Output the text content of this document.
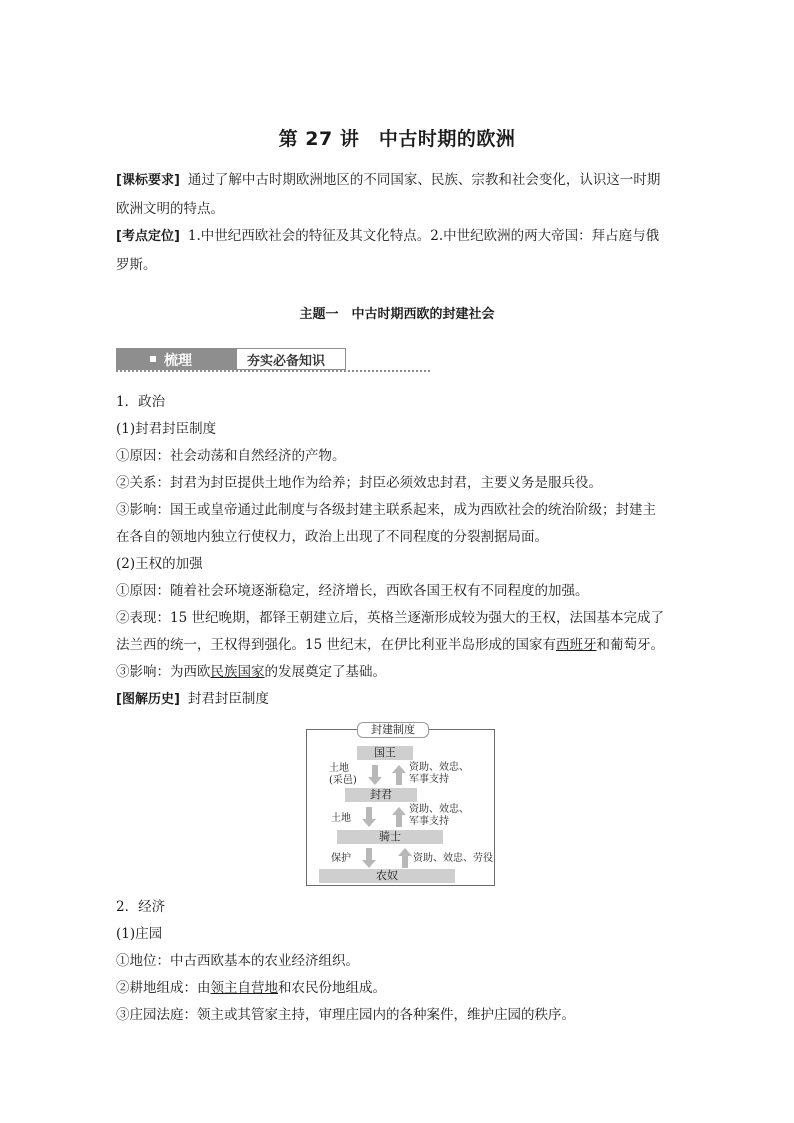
第 27 讲　中古时期的欧洲
[课标要求] 通过了解中古时期欧洲地区的不同国家、民族、宗教和社会变化，认识这一时期
欧洲文明的特点。
[考点定位] 1.中世纪西欧社会的特征及其文化特点。2.中世纪欧洲的两大帝国：拜占庭与俄
罗斯。
主题一　中古时期西欧的封建社会
梳理	夯实必备知识
1．政治
(1)封君封臣制度
①原因：社会动荡和自然经济的产物。
②关系：封君为封臣提供土地作为给养；封臣必须效忠封君，主要义务是服兵役。
③影响：国王或皇帝通过此制度与各级封建主联系起来，成为西欧社会的统治阶级；封建主
在各自的领地内独立行使权力，政治上出现了不同程度的分裂割据局面。
(2)王权的加强
①原因：随着社会环境逐渐稳定，经济增长，西欧各国王权有不同程度的加强。
②表现：15 世纪晚期，都铎王朝建立后，英格兰逐渐形成较为强大的王权，法国基本完成了
法兰西的统一，王权得到强化。15 世纪末，在伊比利亚半岛形成的国家有西班牙和葡萄牙。
③影响：为西欧民族国家的发展奠定了基础。
[图解历史] 封君封臣制度
封建制度
国王
土地
(采邑)
资助、效忠、
军事支持
封君
土地
资助、效忠、
军事支持
骑士
保护	资助、效忠、劳役
农奴
2．经济
(1)庄园
①地位：中古西欧基本的农业经济组织。
②耕地组成：由领主自营地和农民份地组成。
③庄园法庭：领主或其管家主持，审理庄园内的各种案件，维护庄园的秩序。
